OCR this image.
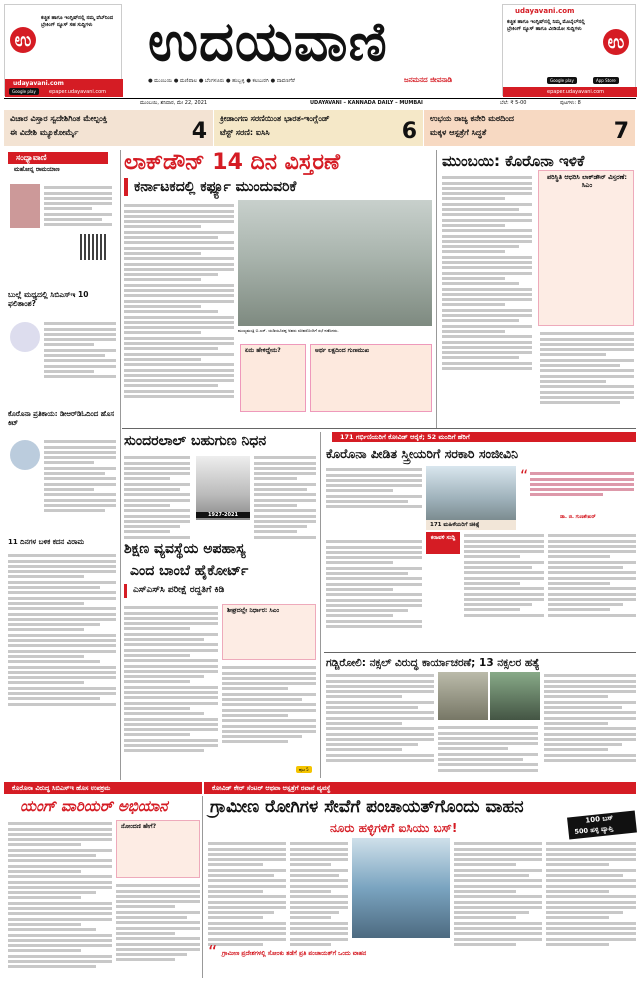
ಉ
ಕಚ್ಚಿತ ಹಾಗೂ ಇಂಗ್ಲಿಷ್‌ನಲ್ಲಿ ನಮ್ಮ ವೆಬ್‌ನಿಂದ ಬ್ರೇಕಿಂಗ್ ನ್ಯೂಸ್ ಸಹ ಸುದ್ದಿಗಳು
udayavani.com
epaper.udayavani.com
Google play
ಉದಯವಾಣಿ
ಜನಮನದ ಜೀವನಾಡಿ
● ಮುಂಬಯಿ ● ಮಣಿಪಾಲ ● ಬೆಂಗಳೂರು ● ಹುಬ್ಬಳ್ಳಿ ● ಕಲಬುರಗಿ ● ದಾವಣಗೆರೆ
udayavani.com
ಕಚ್ಚಿತ ಹಾಗೂ ಇಂಗ್ಲಿಷ್‌ನಲ್ಲಿ ನಿಮ್ಮ ಮೊಬೈಲ್‌ನಲ್ಲಿ ಬ್ರೇಕಿಂಗ್ ನ್ಯೂಸ್ ಹಾಗೂ ವೀಡಿಯೋ ಸುದ್ದಿಗಳು
ಉ
Google play	App Store
epaper.udayavani.com
ಮುಂಬಯಿ, ಶನಿವಾರ, ಮೇ 22, 2021	UDAYAVANI – KANNADA DAILY – MUMBAI	ಬೆಲೆ: ₹ 5-00	ಪುಟಗಳು: 8
ವಿಚಾರ ವಿಸ್ತಾರ ಸ್ವದೇಶಿಗಿಂತ ಮೇಲ್ಪಂಕ್ತಿ
ಈ ವಿದೇಶಿ ಮ್ಯೂಕೋರ್ಮೈ	4
ಕ್ರೀಡಾಂಗಣ ಸರಣಿಯಿಂತ ಭಾರತ-ಇಂಗ್ಲೆಂಡ್
ಟೆಸ್ಟ್ ಸರಣಿ: ಐಸಿಸಿ	6
ಉಭಯ ರಾಜ್ಯ ಕನೇರಿ ಮಠದಿಂದ
ಮಕ್ಕಳ ಆಸ್ಪತ್ರೆಗೆ ಸಿದ್ಧತೆ	7
ಸಂಧ್ಯಾವಾಣಿ
ಮಹೋನ್ನ ರಾಮಯಾಣ
ಬುಲ್ಲೆ ಮಧ್ಯದಲ್ಲಿ ಸಿಬಿಎಸ್‌ಇ 10 ಫಲಿತಾಂಶ?
ಕೊರೊನಾ ಪ್ರತಿಕಾಯ: ಡೀಆರ್‌ಡಿಓದಿಂದ ಹೊಸ ಕಿಟ್
11 ದಿನಗಳ ಬಳಿಕ ಕದನ ವಿರಾಮ
ಲಾಕ್‌ಡೌನ್ 14 ದಿನ ವಿಸ್ತರಣೆ
ಕರ್ನಾಟಕದಲ್ಲಿ ಕರ್ಫ್ಯೂ ಮುಂದುವರಿಕೆ
ಮುಖ್ಯಮಂತ್ರಿ ಬಿ.ಎಸ್. ಯಡಿಯೂರಪ್ಪ ಅವರು ಸಚಿವರೊಂದಿಗೆ ಸಭೆ ನಡೆಸಿದರು.
ಏನು ಹೇಳಿದ್ದೇನು?	ಅರ್ಥ ಲಕ್ಷದಿಂದ ಗುಣಮುಖ
ಮುಂಬಯಿ: ಕೊರೊನಾ ಇಳಿಕೆ
ಪರಿಸ್ಥಿತಿ ಆಧರಿಸಿ ಲಾಕ್‌ಡೌನ್ ವಿಸ್ತರಣೆ: ಸಿಎಂ
ಸುಂದರಲಾಲ್ ಬಹುಗುಣ ನಿಧನ
1927-2021
ಶಿಕ್ಷಣ ವ್ಯವಸ್ಥೆಯ ಅಪಹಾಸ್ಯ
ಎಂದ ಬಾಂಬೆ ಹೈಕೋರ್ಟ್
ಎಸ್‌ಎಸ್‌ಸಿ ಪರೀಕ್ಷೆ ರದ್ದತಿಗೆ ಕಿಡಿ
ಶೀಘ್ರದಲ್ಲೇ ನಿರ್ಧಾರ: ಸಿಎಂ
ಪುಟ 5
171 ಗರ್ಭಿಣಿಯರಿಗೆ ಕೋವಿಡ್ ಆರೈಕೆ; 52 ಮಂದಿಗೆ ಹೆರಿಗೆ
ಕೊರೊನಾ ಪೀಡಿತ ಸ್ತ್ರೀಯರಿಗೆ ಸರಕಾರಿ ಸಂಜೀವಿನಿ
171 ಮಹಿಳೆಯರಿಗೆ ಚಿಕಿತ್ಸೆ
“
ಡಾ. ಜಿ. ಗುಣಶೇಖರ್
ಕರಾವಳಿ ಸುದ್ದಿ
ಗಡ್ಚಿರೋಲಿ: ನಕ್ಸಲ್ ವಿರುದ್ಧ ಕಾರ್ಯಾಚರಣೆ; 13 ನಕ್ಸಲರ ಹತ್ಯೆ
ಕೊರೊನಾ ವಿರುದ್ಧ ಸಿಬಿಎಸ್‌ಇ ಹೊಸ ಉಪಕ್ರಮ	ಕೋವಿಡ್ ಕೇರ್ ಸೆಂಟರ್ ಆಥವಾ ಆಸ್ಪತ್ರೆಗೆ ರವಾನೆ ವ್ಯವಸ್ಥೆ
ಯಂಗ್ ವಾರಿಯರ್ ಅಭಿಯಾನ
ನೋಂದಣಿ ಹೇಗೆ?
ಗ್ರಾಮೀಣ ರೋಗಿಗಳ ಸೇವೆಗೆ ಪಂಚಾಯತ್‌ಗೊಂದು ವಾಹನ
ನೂರು ಹಳ್ಳಿಗಳಿಗೆ ಐಸಿಯು ಬಸ್!
100 ಬಸ್
500 ಹಳ್ಳಿ ವ್ಯಾಪ್ತಿ
“ ಗ್ರಾಮೀಣ ಪ್ರದೇಶಗಳಲ್ಲಿ ಸೋಂಕು ತಡೆಗೆ ಪ್ರತಿ ಪಂಚಾಯತ್‌ಗೆ ಒಂದು ವಾಹನ
